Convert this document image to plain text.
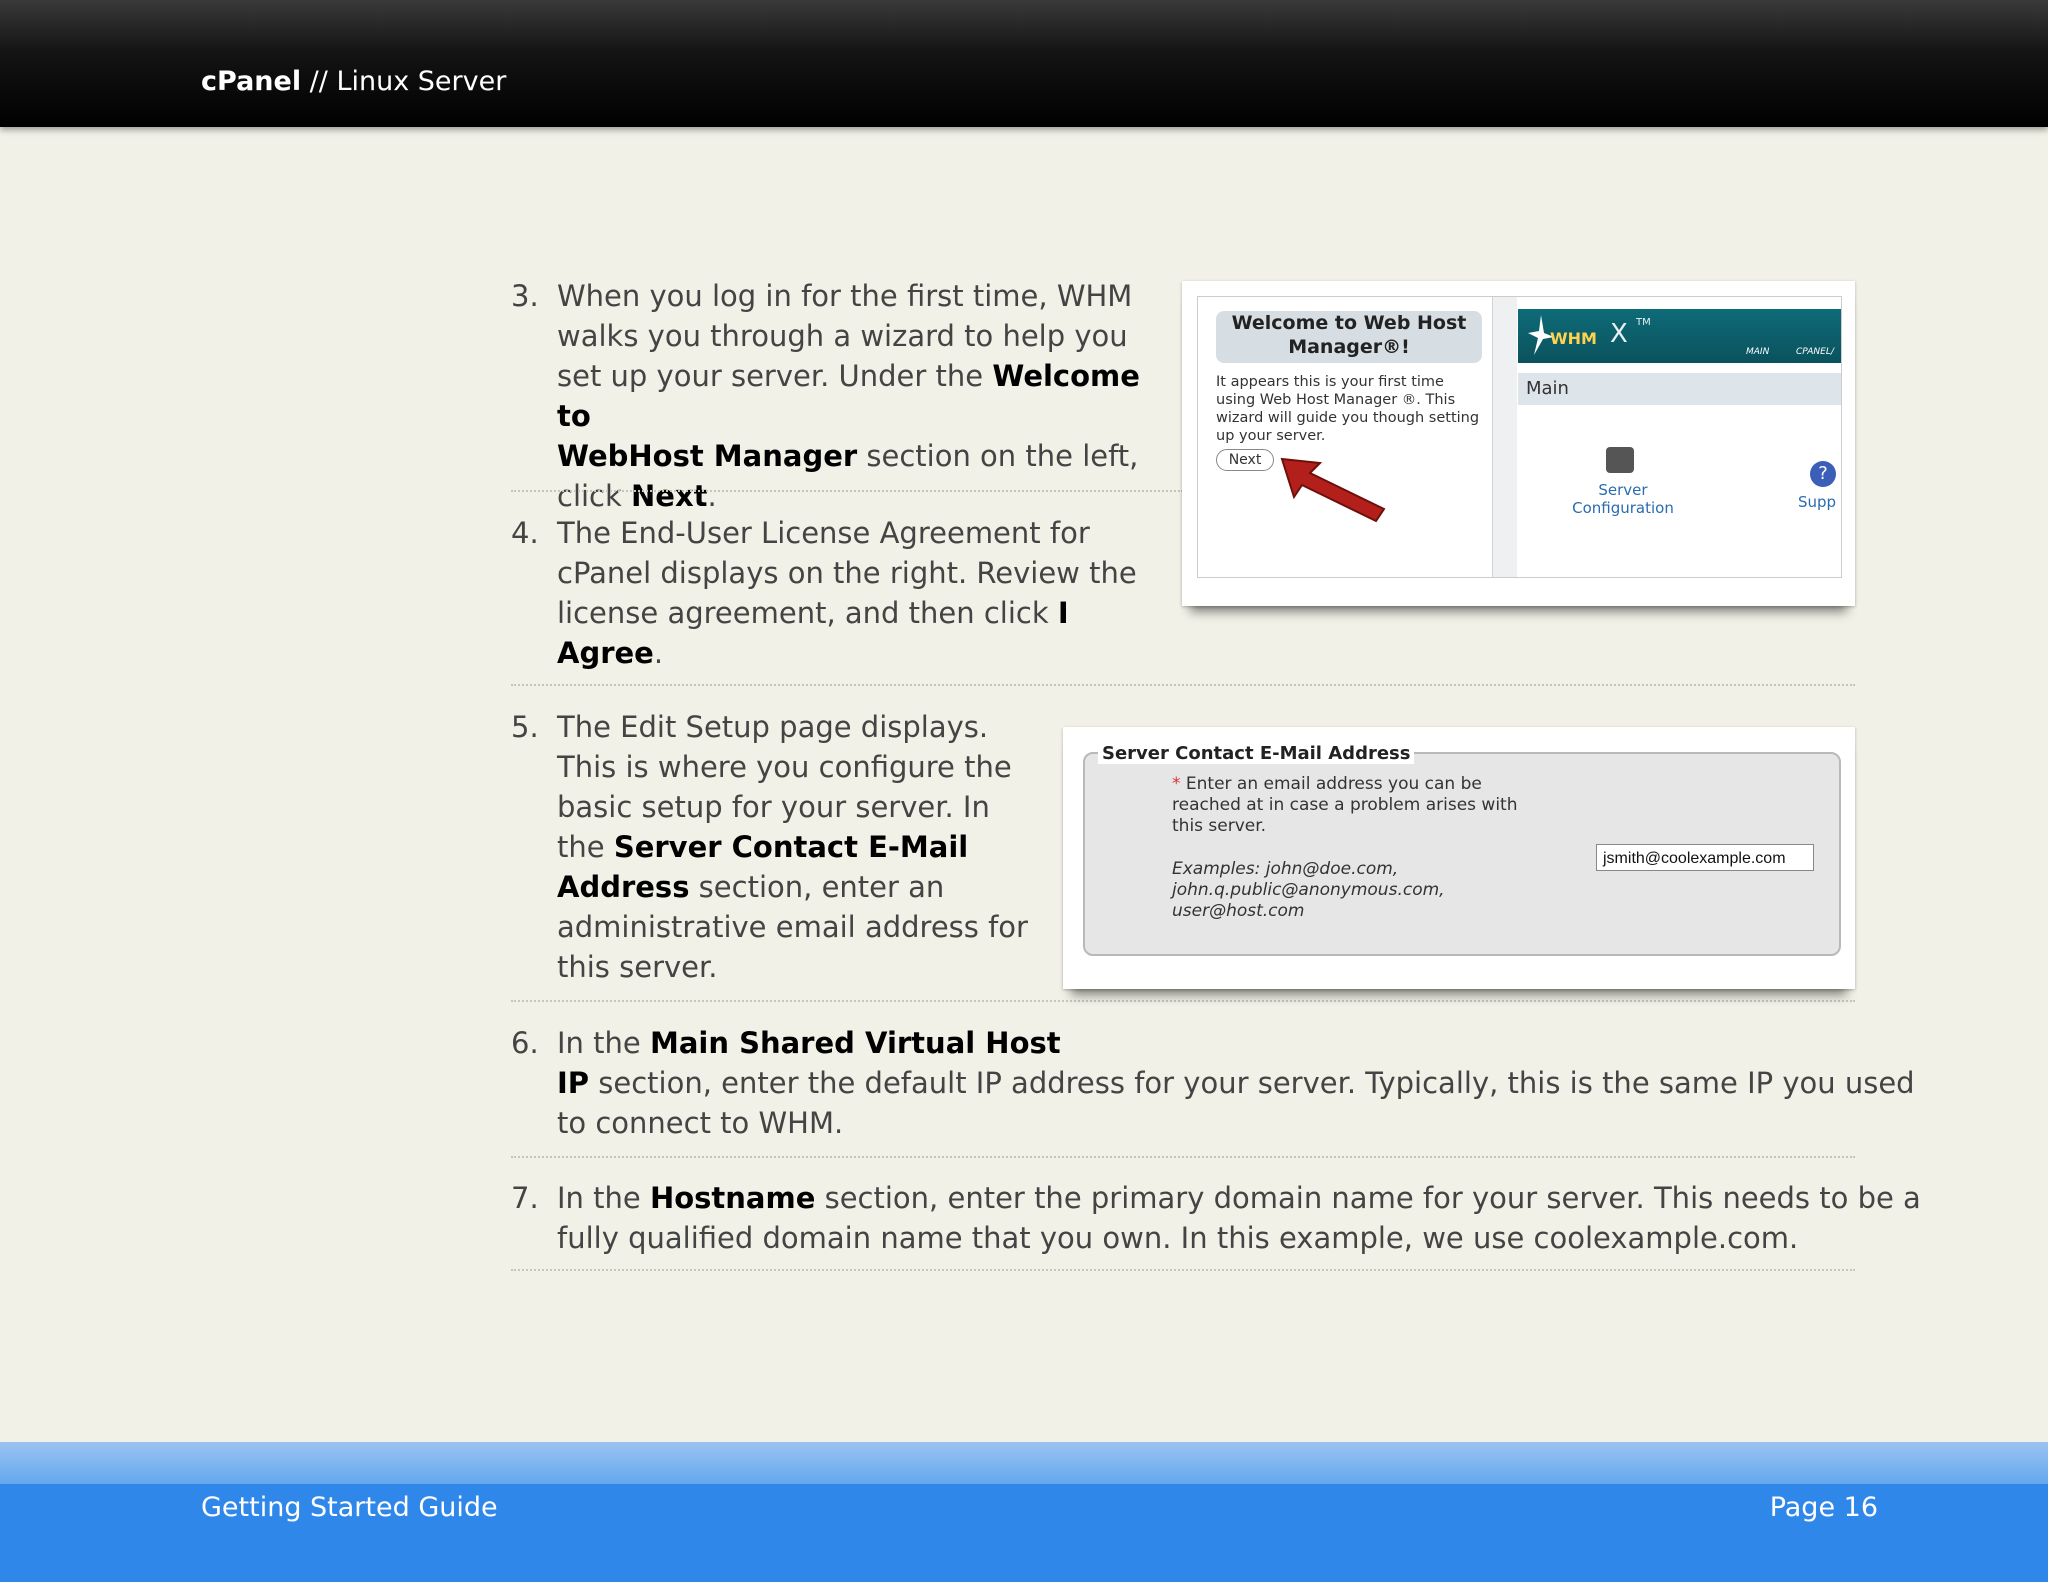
cPanel // Linux Server
3. When you log in for the first time, WHM
walks you through a wizard to help you
set up your server. Under the Welcome to
WebHost Manager section on the left,
click Next.
4. The End-User License Agreement for
cPanel displays on the right. Review the
license agreement, and then click I
Agree.
5. The Edit Setup page displays.
This is where you configure the
basic setup for your server. In
the Server Contact E-Mail
Address section, enter an
administrative email address for
this server.
6. In the Main Shared Virtual Host
IP section, enter the default IP address for your server. Typically, this is the same IP you used
to connect to WHM.
7. In the Hostname section, enter the primary domain name for your server. This needs to be a
fully qualified domain name that you own. In this example, we use coolexample.com.
Welcome to Web Host Manager®!
It appears this is your first time using Web Host Manager ®. This wizard will guide you though setting up your server.
Next
WHM X TM
MAIN	CPANEL/
Main
Server Configuration
?
Supp
* Enter an email address you can be reached at in case a problem arises with this server.
Examples: john@doe.com, john.q.public@anonymous.com, user@host.com
jsmith@coolexample.com
Server Contact E-Mail Address
Getting Started Guide	Page 16
